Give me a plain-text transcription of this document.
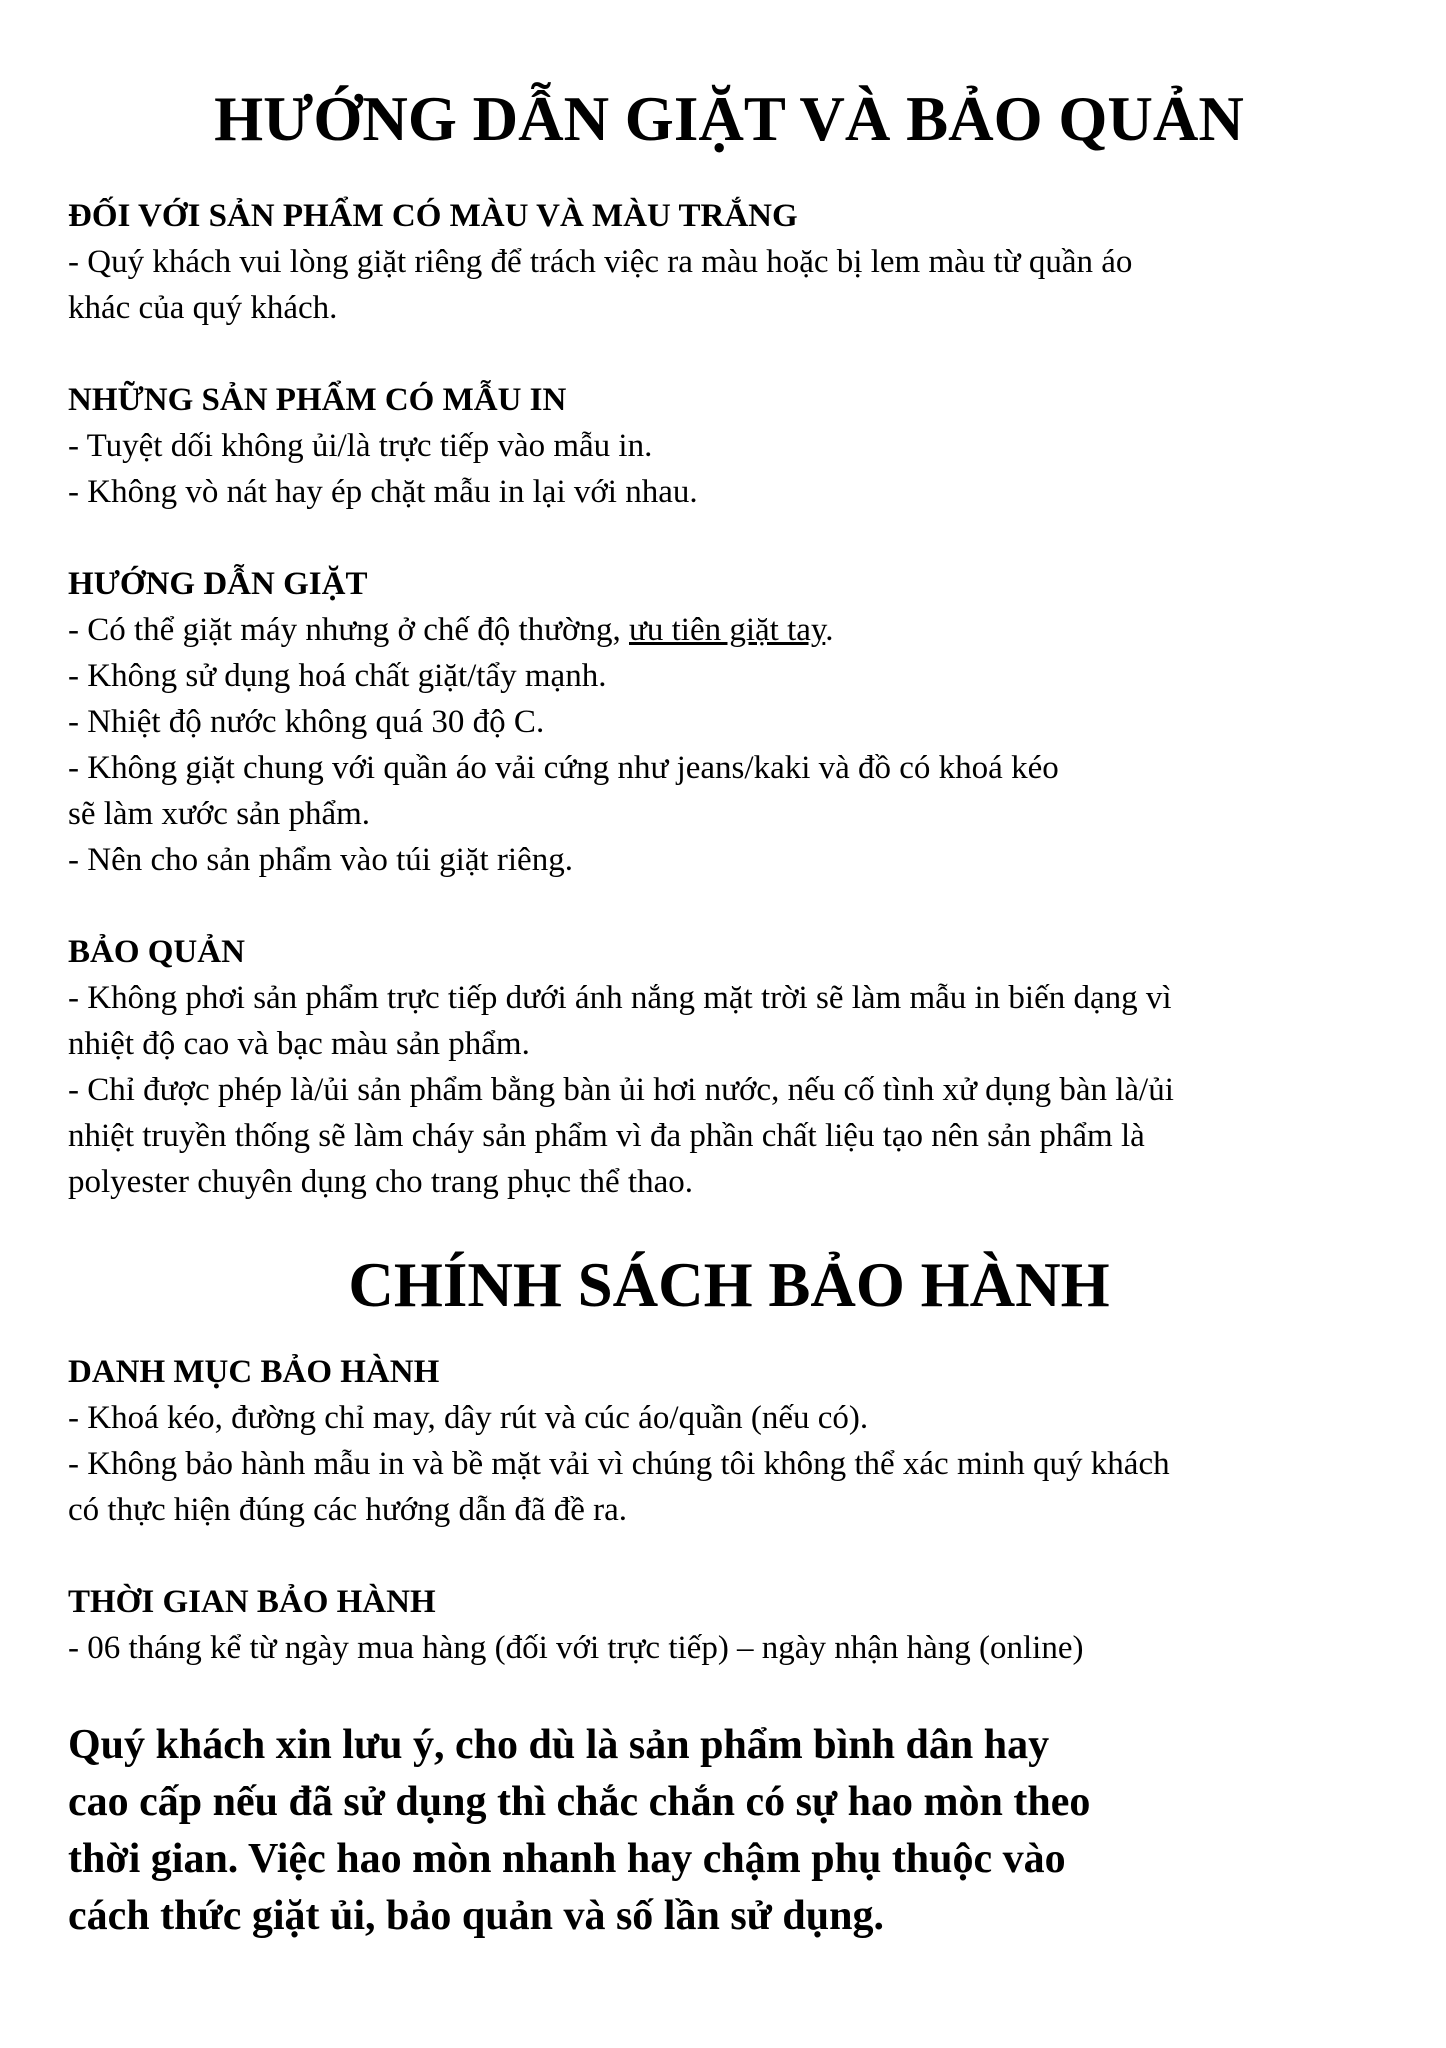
HƯỚNG DẪN GIẶT VÀ BẢO QUẢN
ĐỐI VỚI SẢN PHẨM CÓ MÀU VÀ MÀU TRẮNG
- Quý khách vui lòng giặt riêng để trách việc ra màu hoặc bị lem màu từ quần áo
khác của quý khách.
NHỮNG SẢN PHẨM CÓ MẪU IN
- Tuyệt dối không ủi/là trực tiếp vào mẫu in.
- Không vò nát hay ép chặt mẫu in lại với nhau.
HƯỚNG DẪN GIẶT
- Có thể giặt máy nhưng ở chế độ thường, ưu tiên giặt tay.
- Không sử dụng hoá chất giặt/tẩy mạnh.
- Nhiệt độ nước không quá 30 độ C.
- Không giặt chung với quần áo vải cứng như jeans/kaki và đồ có khoá kéo
sẽ làm xước sản phẩm.
- Nên cho sản phẩm vào túi giặt riêng.
BẢO QUẢN
- Không phơi sản phẩm trực tiếp dưới ánh nắng mặt trời sẽ làm mẫu in biến dạng vì
nhiệt độ cao và bạc màu sản phẩm.
- Chỉ được phép là/ủi sản phẩm bằng bàn ủi hơi nước, nếu cố tình xử dụng bàn là/ủi
nhiệt truyền thống sẽ làm cháy sản phẩm vì đa phần chất liệu tạo nên sản phẩm là
polyester chuyên dụng cho trang phục thể thao.
CHÍNH SÁCH BẢO HÀNH
DANH MỤC BẢO HÀNH
- Khoá kéo, đường chỉ may, dây rút và cúc áo/quần (nếu có).
- Không bảo hành mẫu in và bề mặt vải vì chúng tôi không thể xác minh quý khách
có thực hiện đúng các hướng dẫn đã đề ra.
THỜI GIAN BẢO HÀNH
- 06 tháng kể từ ngày mua hàng (đối với trực tiếp) – ngày nhận hàng (online)
Quý khách xin lưu ý, cho dù là sản phẩm bình dân hay
cao cấp nếu đã sử dụng thì chắc chắn có sự hao mòn theo
thời gian. Việc hao mòn nhanh hay chậm phụ thuộc vào
cách thức giặt ủi, bảo quản và số lần sử dụng.
